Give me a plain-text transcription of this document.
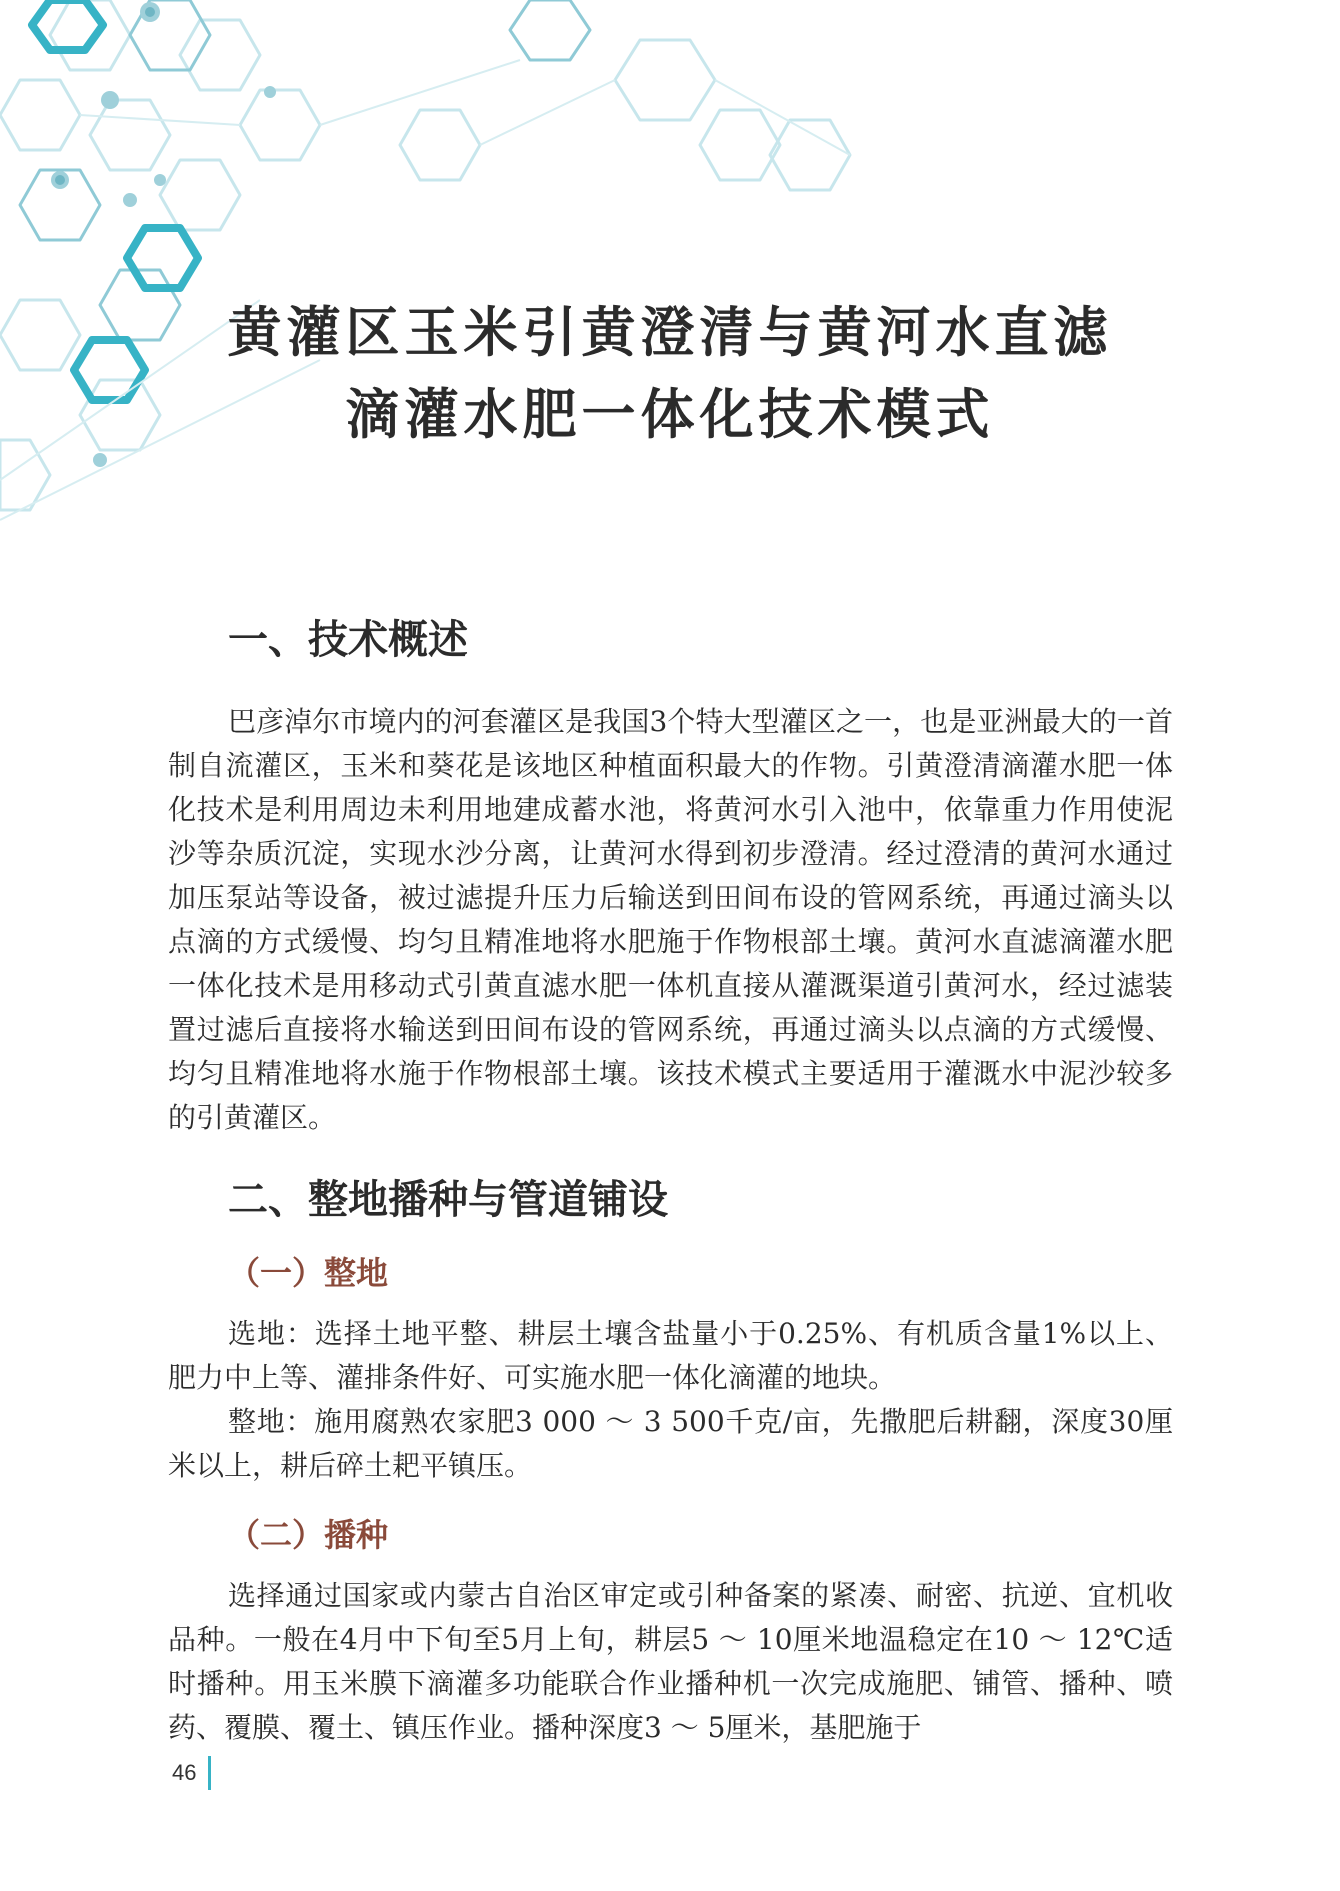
黄灌区玉米引黄澄清与黄河水直滤
滴灌水肥一体化技术模式
一、技术概述

巴彦淖尔市境内的河套灌区是我国3个特大型灌区之一，也是亚洲最大的一首制自流灌区，玉米和葵花是该地区种植面积最大的作物。引黄澄清滴灌水肥一体化技术是利用周边未利用地建成蓄水池，将黄河水引入池中，依靠重力作用使泥沙等杂质沉淀，实现水沙分离，让黄河水得到初步澄清。经过澄清的黄河水通过加压泵站等设备，被过滤提升压力后输送到田间布设的管网系统，再通过滴头以点滴的方式缓慢、均匀且精准地将水肥施于作物根部土壤。黄河水直滤滴灌水肥一体化技术是用移动式引黄直滤水肥一体机直接从灌溉渠道引黄河水，经过滤装置过滤后直接将水输送到田间布设的管网系统，再通过滴头以点滴的方式缓慢、均匀且精准地将水施于作物根部土壤。该技术模式主要适用于灌溉水中泥沙较多的引黄灌区。

二、整地播种与管道铺设
（一）整地

选地：选择土地平整、耕层土壤含盐量小于0.25%、有机质含量1%以上、肥力中上等、灌排条件好、可实施水肥一体化滴灌的地块。

整地：施用腐熟农家肥3 000 ～ 3 500千克/亩，先撒肥后耕翻，深度30厘米以上，耕后碎土耙平镇压。

（二）播种

选择通过国家或内蒙古自治区审定或引种备案的紧凑、耐密、抗逆、宜机收品种。一般在4月中下旬至5月上旬，耕层5 ～ 10厘米地温稳定在10 ～ 12℃适时播种。用玉米膜下滴灌多功能联合作业播种机一次完成施肥、铺管、播种、喷药、覆膜、覆土、镇压作业。播种深度3 ～ 5厘米，基肥施于

46
